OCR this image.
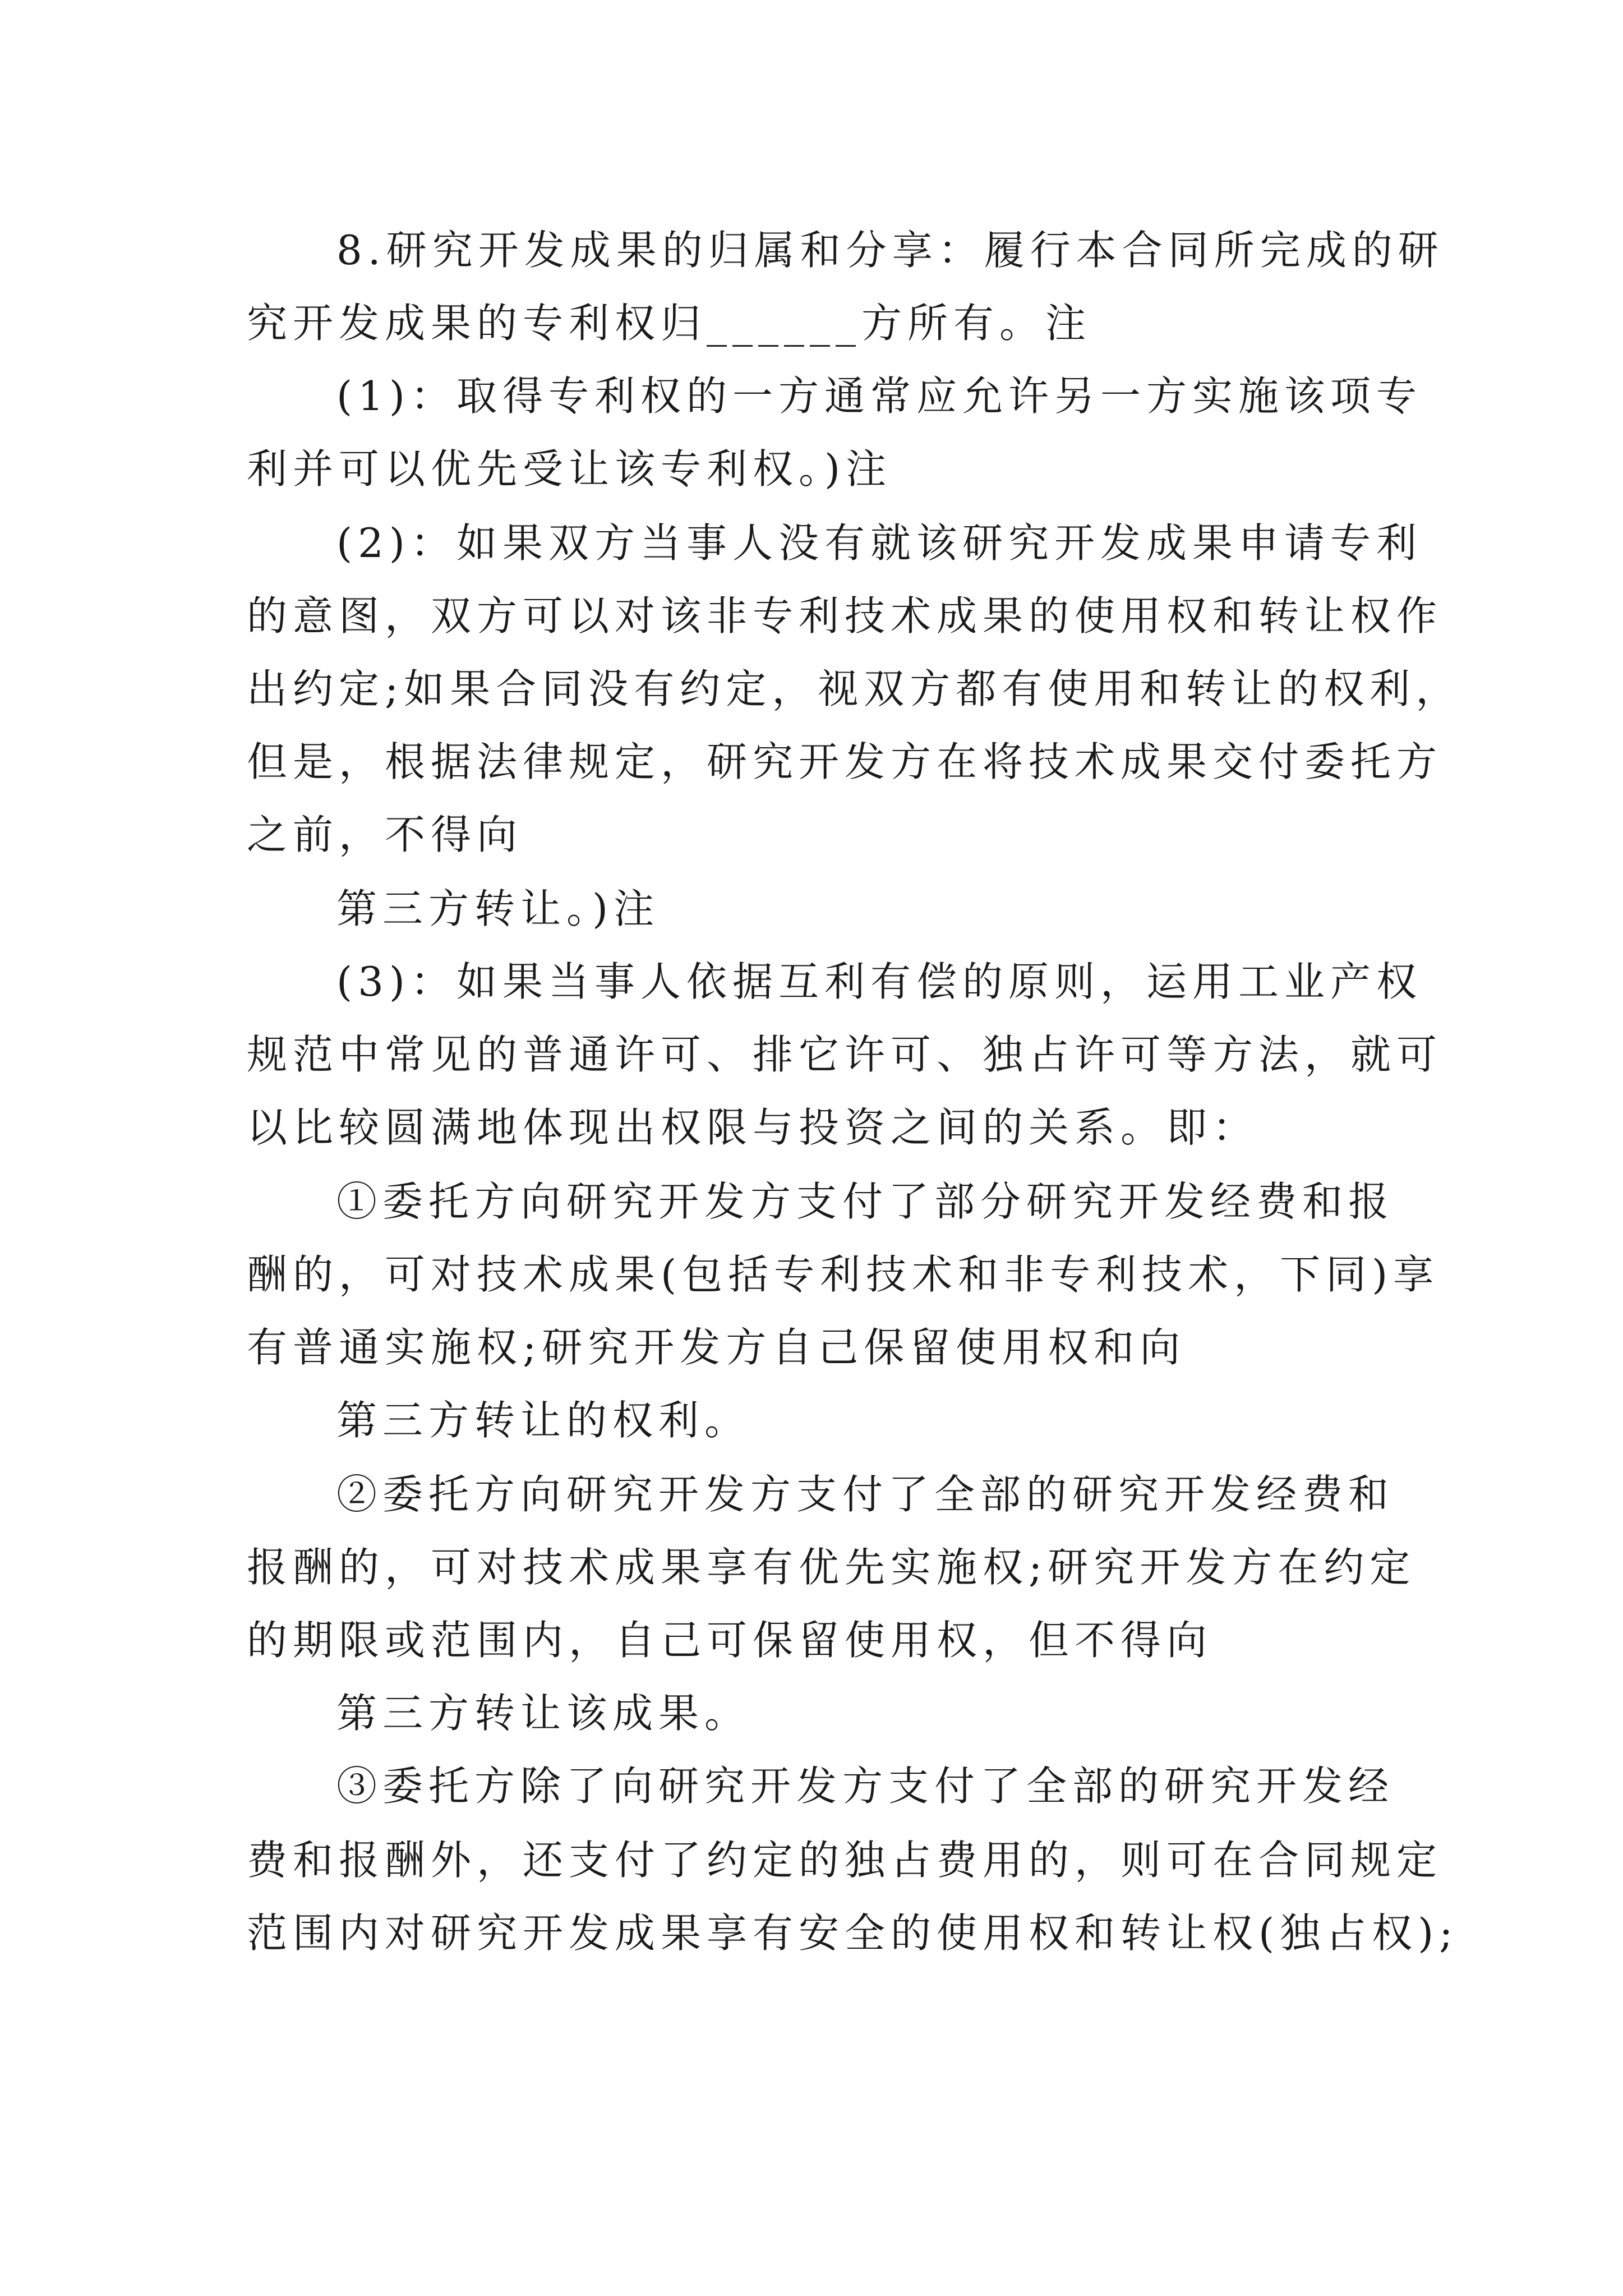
8.研究开发成果的归属和分享：履行本合同所完成的研

究开发成果的专利权归______方所有。注

(1)：取得专利权的一方通常应允许另一方实施该项专

利并可以优先受让该专利权。)注

(2)：如果双方当事人没有就该研究开发成果申请专利

的意图，双方可以对该非专利技术成果的使用权和转让权作

出约定;如果合同没有约定，视双方都有使用和转让的权利，

但是，根据法律规定，研究开发方在将技术成果交付委托方

之前，不得向

第三方转让。)注

(3)：如果当事人依据互利有偿的原则，运用工业产权

规范中常见的普通许可、排它许可、独占许可等方法，就可

以比较圆满地体现出权限与投资之间的关系。即：

①委托方向研究开发方支付了部分研究开发经费和报

酬的，可对技术成果(包括专利技术和非专利技术，下同)享

有普通实施权;研究开发方自己保留使用权和向

第三方转让的权利。

②委托方向研究开发方支付了全部的研究开发经费和

报酬的，可对技术成果享有优先实施权;研究开发方在约定

的期限或范围内，自己可保留使用权，但不得向

第三方转让该成果。

③委托方除了向研究开发方支付了全部的研究开发经

费和报酬外，还支付了约定的独占费用的，则可在合同规定

范围内对研究开发成果享有安全的使用权和转让权(独占权);
